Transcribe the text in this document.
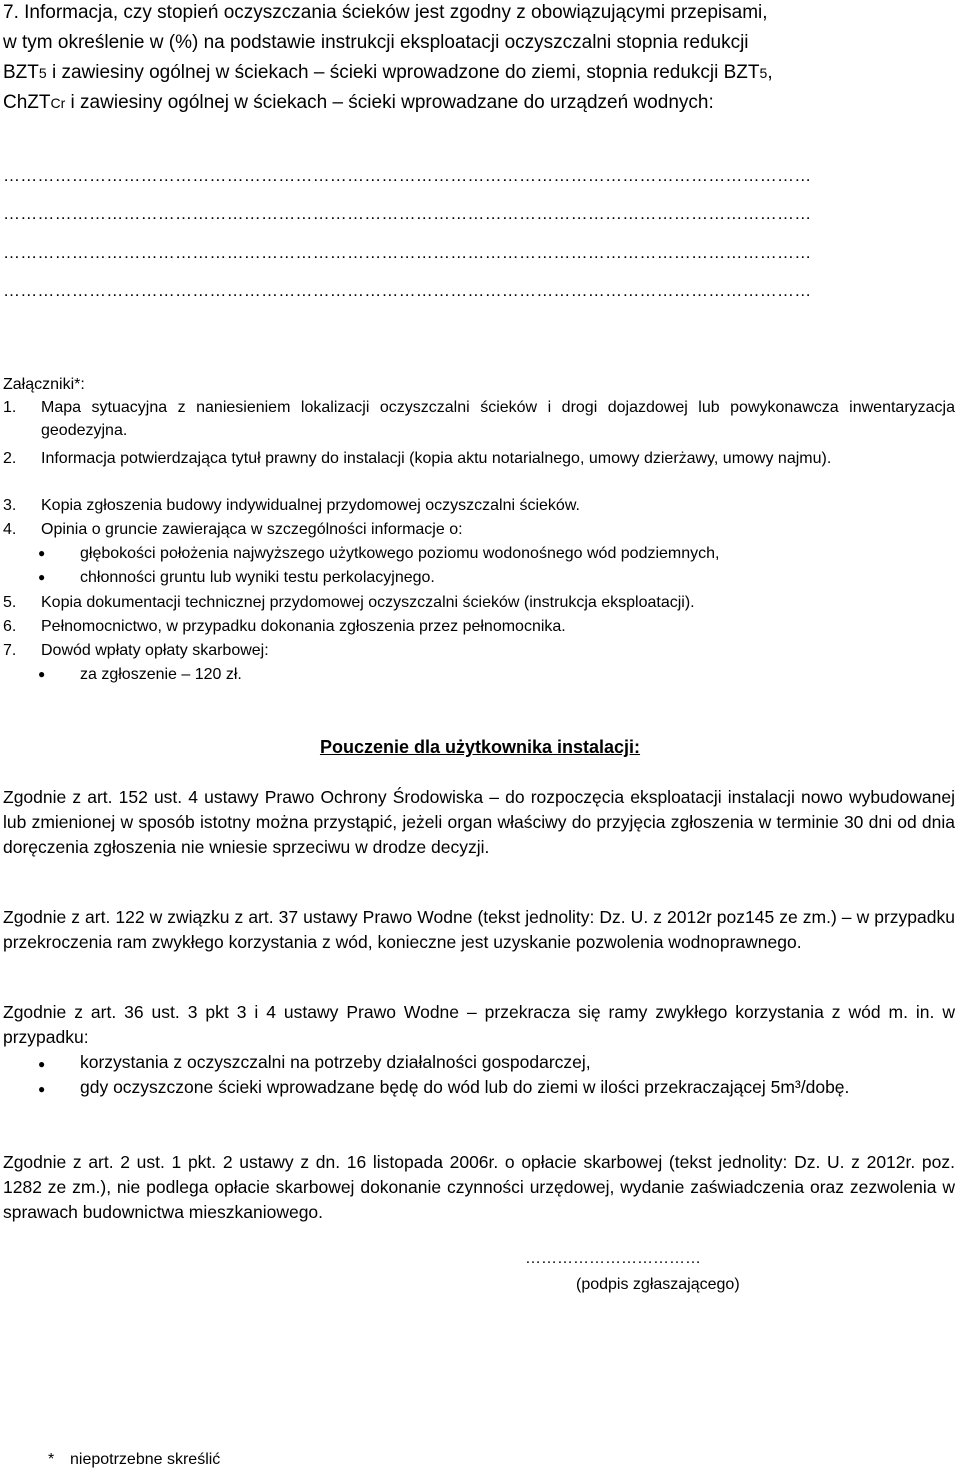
7. Informacja, czy stopień oczyszczania ścieków jest zgodny z obowiązującymi przepisami,
w tym określenie w (%) na podstawie instrukcji eksploatacji oczyszczalni stopnia redukcji
BZT5 i zawiesiny ogólnej w ściekach – ścieki wprowadzone do ziemi, stopnia redukcji BZT5,
ChZTCr i zawiesiny ogólnej w ściekach – ścieki wprowadzane do urządzeń wodnych:
……………………………………………………………………………………………………………………………
……………………………………………………………………………………………………………………………
……………………………………………………………………………………………………………………………
……………………………………………………………………………………………………………………………
Załączniki*:
1. Mapa sytuacyjna z naniesieniem lokalizacji oczyszczalni ścieków i drogi dojazdowej lub powykonawcza inwentaryzacja geodezyjna.
2. Informacja potwierdzająca tytuł prawny do instalacji (kopia aktu notarialnego, umowy dzierżawy, umowy najmu).
3. Kopia zgłoszenia budowy indywidualnej przydomowej oczyszczalni ścieków.
4. Opinia o gruncie zawierająca w szczególności informacje o:
● głębokości położenia najwyższego użytkowego poziomu wodonośnego wód podziemnych,
● chłonności gruntu lub wyniki testu perkolacyjnego.
5. Kopia dokumentacji technicznej przydomowej oczyszczalni ścieków (instrukcja eksploatacji).
6. Pełnomocnictwo, w przypadku dokonania zgłoszenia przez pełnomocnika.
7. Dowód wpłaty opłaty skarbowej:
● za zgłoszenie – 120 zł.
Pouczenie dla użytkownika instalacji:
Zgodnie z art. 152 ust. 4 ustawy Prawo Ochrony Środowiska – do rozpoczęcia eksploatacji instalacji nowo wybudowanej lub zmienionej w sposób istotny można przystąpić, jeżeli organ właściwy do przyjęcia zgłoszenia w terminie 30 dni od dnia doręczenia zgłoszenia nie wniesie sprzeciwu w drodze decyzji.
Zgodnie z art. 122 w związku z art. 37 ustawy Prawo Wodne (tekst jednolity: Dz. U. z 2012r poz145 ze zm.) – w przypadku przekroczenia ram zwykłego korzystania z wód, konieczne jest uzyskanie pozwolenia wodnoprawnego.
Zgodnie z art. 36 ust. 3 pkt 3 i 4 ustawy Prawo Wodne – przekracza się ramy zwykłego korzystania z wód m. in. w przypadku:
● korzystania z oczyszczalni na potrzeby działalności gospodarczej,
● gdy oczyszczone ścieki wprowadzane będę do wód lub do ziemi w ilości przekraczającej 5m³/dobę.
Zgodnie z art. 2 ust. 1 pkt. 2 ustawy z dn. 16 listopada 2006r. o opłacie skarbowej (tekst jednolity: Dz. U. z 2012r. poz. 1282 ze zm.), nie podlega opłacie skarbowej dokonanie czynności urzędowej, wydanie zaświadczenia oraz zezwolenia w sprawach budownictwa mieszkaniowego.
……………………………
(podpis zgłaszającego)
* niepotrzebne skreślić
